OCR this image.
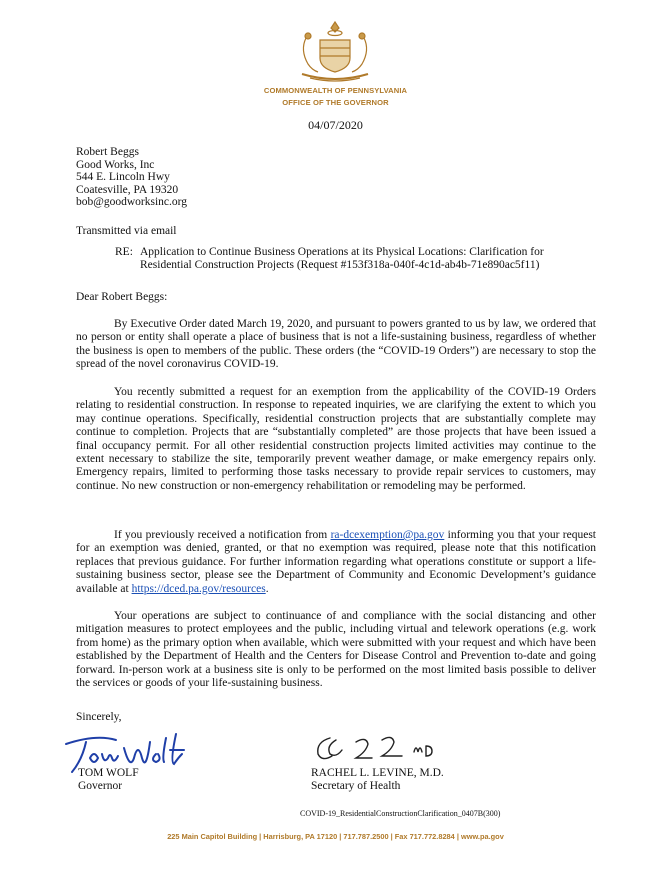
COMMONWEALTH OF PENNSYLVANIA
OFFICE OF THE GOVERNOR
04/07/2020
Robert Beggs
Good Works, Inc
544 E. Lincoln Hwy
Coatesville, PA 19320
bob@goodworksinc.org
Transmitted via email
RE: Application to Continue Business Operations at its Physical Locations: Clarification for
Residential Construction Projects (Request #153f318a-040f-4c1d-ab4b-71e890ac5f11)
Dear Robert Beggs:

By Executive Order dated March 19, 2020, and pursuant to powers granted to us by law, we ordered that no person or entity shall operate a place of business that is not a life-sustaining business, regardless of whether the business is open to members of the public. These orders (the “COVID-19 Orders”) are necessary to stop the spread of the novel coronavirus COVID-19.

You recently submitted a request for an exemption from the applicability of the COVID-19 Orders relating to residential construction. In response to repeated inquiries, we are clarifying the extent to which you may continue operations. Specifically, residential construction projects that are substantially complete may continue to completion. Projects that are “substantially completed” are those projects that have been issued a final occupancy permit. For all other residential construction projects limited activities may continue to the extent necessary to stabilize the site, temporarily prevent weather damage, or make emergency repairs only. Emergency repairs, limited to performing those tasks necessary to provide repair services to customers, may continue. No new construction or non-emergency rehabilitation or remodeling may be performed.

If you previously received a notification from ra-dcexemption@pa.gov informing you that your request for an exemption was denied, granted, or that no exemption was required, please note that this notification replaces that previous guidance. For further information regarding what operations constitute or support a life-sustaining business sector, please see the Department of Community and Economic Development’s guidance available at https://dced.pa.gov/resources.

Your operations are subject to continuance of and compliance with the social distancing and other mitigation measures to protect employees and the public, including virtual and telework operations (e.g. work from home) as the primary option when available, which were submitted with your request and which have been established by the Department of Health and the Centers for Disease Control and Prevention to-date and going forward. In-person work at a business site is only to be performed on the most limited basis possible to deliver the services or goods of your life-sustaining business.

Sincerely,
TOM WOLF
Governor
RACHEL L. LEVINE, M.D.
Secretary of Health
COVID-19_ResidentialConstructionClarification_0407B(300)
225 Main Capitol Building | Harrisburg, PA 17120 | 717.787.2500 | Fax 717.772.8284 | www.pa.gov
